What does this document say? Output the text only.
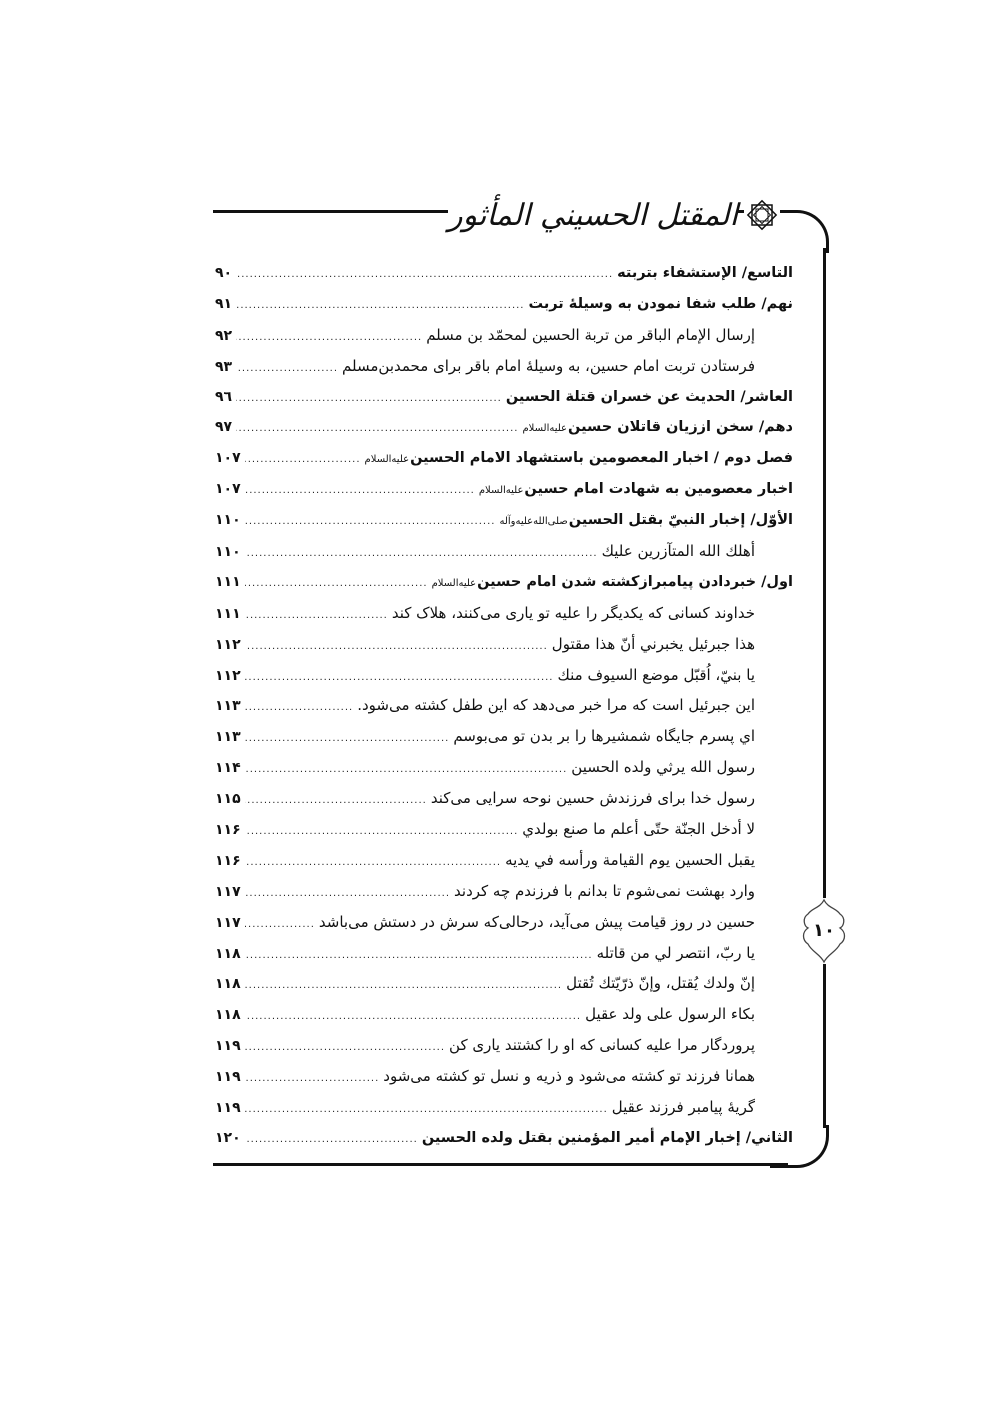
المقتل الحسيني المأثور
١٠
التاسع/ الإستشفاء بتربته
.....
٩٠
نهم/ طلب شفا نمودن به وسيلهٔ تربت
.....
٩١
إرسال الإمام الباقر من تربة الحسين لمحمّد بن مسلم
.....
٩٢
فرستادن تربت امام حسین، به وسیلهٔ امام باقر برای محمدبن‌مسلم
.....
٩٣
العاشر/ الحديث عن خسران قتلة الحسين
.....
٩٦
دهم/ سخن اززیان قاتلان حسین
علیه‌السلام
.....
٩٧
فصل دوم / اخبار المعصومين باستشهاد الامام الحسين
علیه‌السلام
.....
١٠٧
اخبار معصومین به شهادت امام حسین
علیه‌السلام
.....
١٠٧
الأوّل/ إخبار النبيّ بقتل الحسين
صلی‌الله‌علیه‌وآله
.....
١١٠
أهلك الله المتآزرين عليك
.....
١١٠
اول/ خبردادن پیامبرازکشته شدن امام حسین
علیه‌السلام
.....
١١١
خداوند کسانی که یکدیگر را علیه تو یاری می‌کنند، هلاک کند
.....
١١١
هذا جبرئيل يخبرني أنّ هذا مقتول
.....
١١٢
يا بنيّ، اُقبّل موضع السيوف منك
.....
١١٢
این جبرئیل است که مرا خبر می‌دهد که این طفل کشته می‌شود.
.....
١١٣
اي پسرم جایگاه شمشیرها را بر بدن تو می‌بوسم
.....
١١٣
رسول الله يرثي ولده الحسين
.....
١١۴
رسول خدا برای فرزندش حسین نوحه سرایی می‌کند
.....
١١۵
لا أدخل الجنّة حتّى أعلم ما صنع بولدي
.....
١١۶
يقبل الحسين يوم القيامة ورأسه في يديه
.....
١١۶
وارد بهشت نمی‌شوم تا بدانم با فرزندم چه کردند
.....
١١٧
حسین در روز قیامت پیش می‌آید، درحالی‌که سرش در دستش می‌باشد
.....
١١٧
يا ربّ، انتصر لي من قاتله
.....
١١٨
إنّ ولدك يُقتل، وإنّ ذرّيّتك تُقتل
.....
١١٨
بكاء الرسول على ولد عقيل
.....
١١٨
پروردگار مرا علیه کسانی که او را کشتند یاری کن
.....
١١٩
همانا فرزند تو کشته می‌شود و ذریه و نسل تو کشته می‌شود
.....
١١٩
گریهٔ پیامبر فرزند عقیل
.....
١١٩
الثاني/ إخبار الإمام أمير المؤمنين بقتل ولده الحسين
.....
١٢٠
